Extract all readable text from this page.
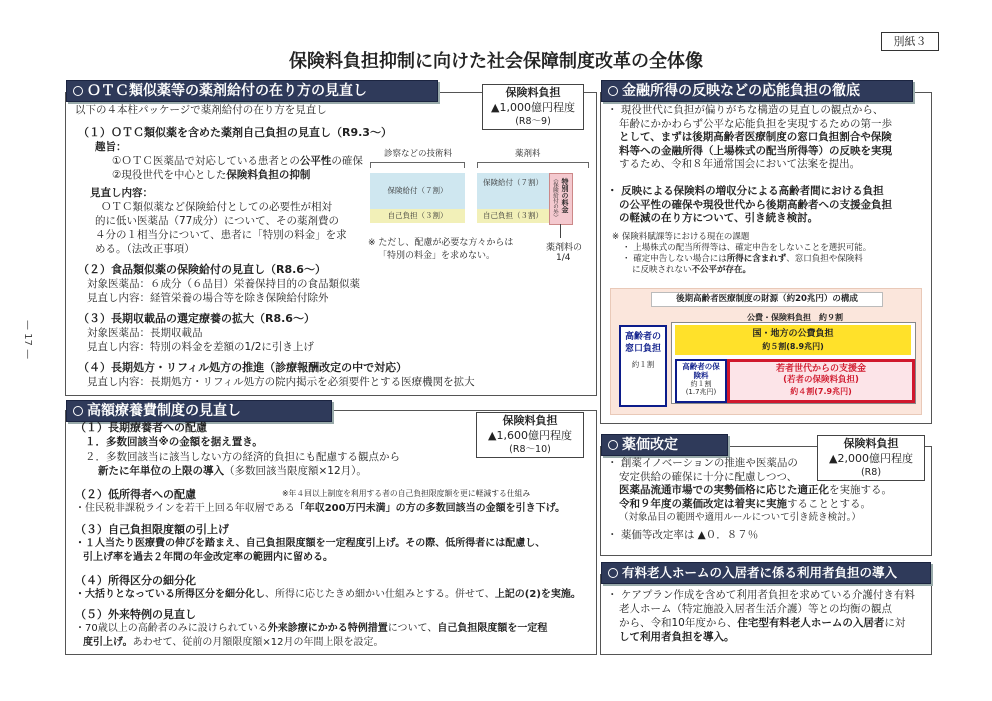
別紙３
保険料負担抑制に向けた社会保障制度改革の全体像
— 17 —
ＯＴＣ類似薬等の薬剤給付の在り方の見直し	保険料負担
▲1,000億円程度
(R8〜9)
以下の４本柱パッケージで薬剤給付の在り方を見直し
（１）ＯＴＣ類似薬を含めた薬剤自己負担の見直し（R9.3〜）
趣旨：
①ＯＴＣ医薬品で対応している患者との公平性の確保
②現役世代を中心とした保険料負担の抑制
見直し内容：
ＯＴＣ類似薬など保険給付としての必要性が相対
的に低い医薬品（77成分）について、その薬剤費の
４分の１相当分について、患者に「特別の料金」を求
める。（法改正事項）
診察などの技術料	薬剤料
保険給付（７割）
自己負担（３割）
保険給付（７割）
自己負担（３割）	（保険給付の外） 特別の料金
※ ただし、配慮が必要な方々からは
「特別の料金」を求めない。
薬剤料の
1/4
（２）食品類似薬の保険給付の見直し（R8.6〜）
対象医薬品：６成分（６品目）栄養保持目的の食品類似薬
見直し内容：経管栄養の場合等を除き保険給付除外
（３）長期収載品の選定療養の拡大（R8.6〜）
対象医薬品：長期収載品
見直し内容：特別の料金を差額の1/2に引き上げ
（４）長期処方・リフィル処方の推進（診療報酬改定の中で対応）
見直し内容：長期処方・リフィル処方の院内掲示を必須要件とする医療機関を拡大
高額療養費制度の見直し
保険料負担
▲1,600億円程度
(R8〜10)
（１）長期療養者への配慮
１．多数回該当※の金額を据え置き。
２．多数回該当に該当しない方の経済的負担にも配慮する観点から
新たに年単位の上限の導入（多数回該当限度額×12月）。
（２）低所得者への配慮	※年４回以上制度を利用する者の自己負担限度額を更に軽減する仕組み
・住民税非課税ラインを若干上回る年収層である「年収200万円未満」の方の多数回該当の金額を引き下げ。
（３）自己負担限度額の引上げ
・１人当たり医療費の伸びを踏まえ、自己負担限度額を一定程度引上げ。その際、低所得者には配慮し、
引上げ率を過去２年間の年金改定率の範囲内に留める。
（４）所得区分の細分化
・大括りとなっている所得区分を細分化し、所得に応じたきめ細かい仕組みとする。併せて、上記の(2)を実施。
（５）外来特例の見直し
・70歳以上の高齢者のみに設けられている外来診療にかかる特例措置について、自己負担限度額を一定程
度引上げ。あわせて、従前の月額限度額×12月の年間上限を設定。
金融所得の反映などの応能負担の徹底
・ 現役世代に負担が偏りがちな構造の見直しの観点から、
年齢にかかわらず公平な応能負担を実現するための第一歩
として、まずは後期高齢者医療制度の窓口負担割合や保険
料等への金融所得（上場株式の配当所得等）の反映を実現
するため、令和８年通常国会において法案を提出。
・ 反映による保険料の増収分による高齢者間における負担
の公平性の確保や現役世代から後期高齢者への支援金負担
の軽減の在り方について、引き続き検討。
※ 保険料賦課等における現在の課題
・ 上場株式の配当所得等は、確定申告をしないことを選択可能。
・ 確定申告しない場合には所得に含まれず、窓口負担や保険料
に反映されない不公平が存在。
後期高齢者医療制度の財源（約20兆円）の構成
高齢者の窓口負担
約１割
公費・保険料負担　約９割
国・地方の公費負担
約５割(8.9兆円)
高齢者の保険料
約１割
(1.7兆円)
若者世代からの支援金
(若者の保険料負担)
約４割(7.9兆円)
薬価改定	保険料負担
▲2,000億円程度
(R8)
・ 創薬イノベーションの推進や医薬品の
安定供給の確保に十分に配慮しつつ、
医薬品流通市場での実勢価格に応じた適正化を実施する。
令和９年度の薬価改定は着実に実施することとする。
（対象品目の範囲や適用ルールについて引き続き検討。）
・ 薬価等改定率は ▲０．８７％
有料老人ホームの入居者に係る利用者負担の導入
・ ケアプラン作成を含めて利用者負担を求めている介護付き有料
老人ホーム（特定施設入居者生活介護）等との均衡の観点
から、令和10年度から、住宅型有料老人ホームの入居者に対
して利用者負担を導入。
